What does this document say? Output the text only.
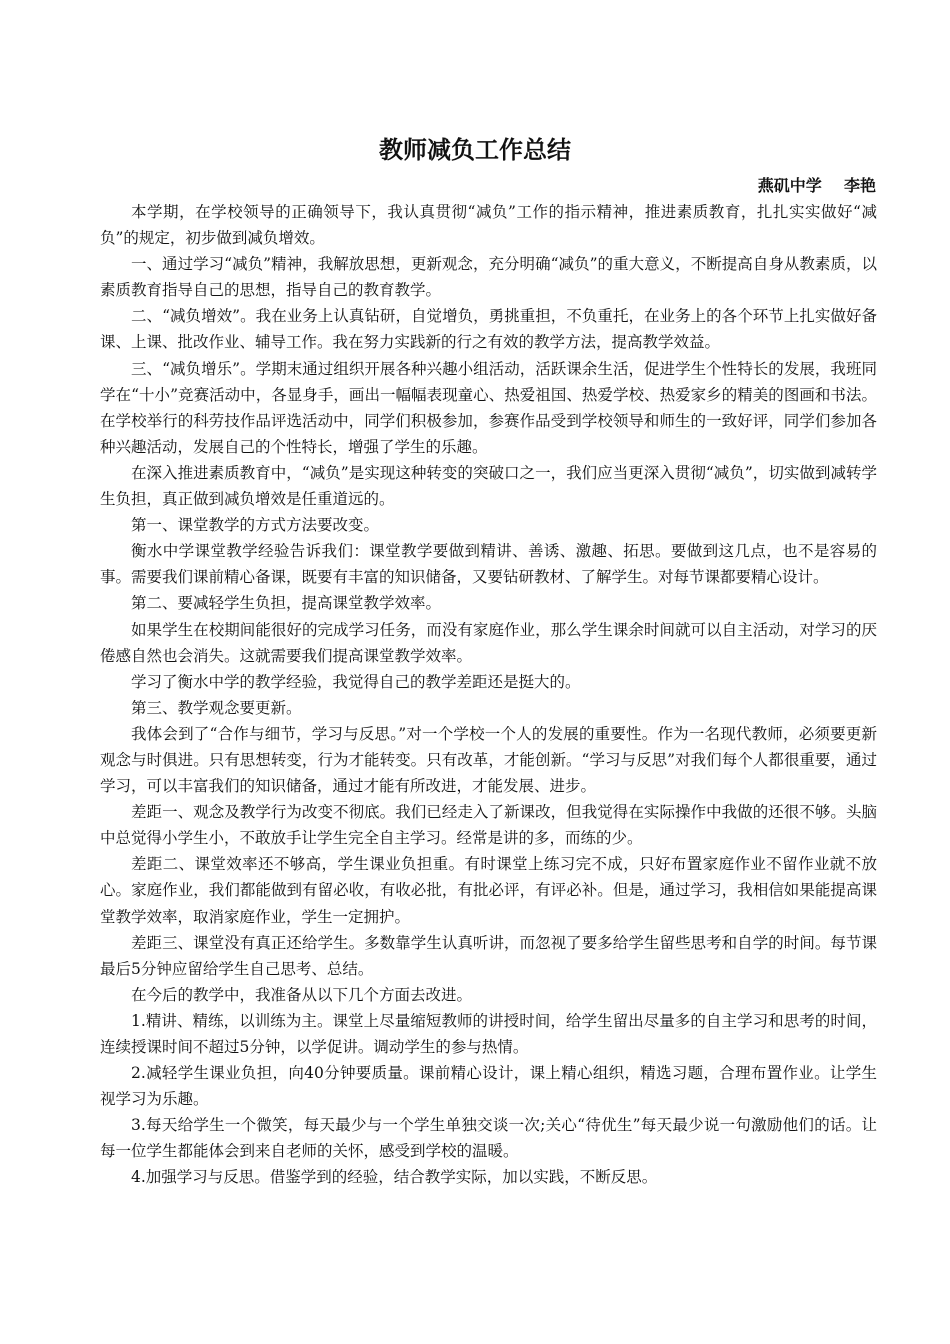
教师减负工作总结
燕矶中学    李艳

本学期，在学校领导的正确领导下，我认真贯彻“减负”工作的指示精神，推进素质教育，扎扎实实做好“减负”的规定，初步做到减负增效。

一、通过学习“减负”精神，我解放思想，更新观念，充分明确“减负”的重大意义，不断提高自身从教素质，以素质教育指导自己的思想，指导自己的教育教学。

二、“减负增效”。我在业务上认真钻研，自觉增负，勇挑重担，不负重托，在业务上的各个环节上扎实做好备课、上课、批改作业、辅导工作。我在努力实践新的行之有效的教学方法，提高教学效益。

三、“减负增乐”。学期末通过组织开展各种兴趣小组活动，活跃课余生活，促进学生个性特长的发展，我班同学在“十小”竞赛活动中，各显身手，画出一幅幅表现童心、热爱祖国、热爱学校、热爱家乡的精美的图画和书法。在学校举行的科劳技作品评选活动中，同学们积极参加，参赛作品受到学校领导和师生的一致好评，同学们参加各种兴趣活动，发展自己的个性特长，增强了学生的乐趣。

在深入推进素质教育中，“减负”是实现这种转变的突破口之一，我们应当更深入贯彻“减负”，切实做到减转学生负担，真正做到减负增效是任重道远的。

第一、课堂教学的方式方法要改变。

衡水中学课堂教学经验告诉我们：课堂教学要做到精讲、善诱、激趣、拓思。要做到这几点，也不是容易的事。需要我们课前精心备课，既要有丰富的知识储备，又要钻研教材、了解学生。对每节课都要精心设计。

第二、要减轻学生负担，提高课堂教学效率。

如果学生在校期间能很好的完成学习任务，而没有家庭作业，那么学生课余时间就可以自主活动，对学习的厌倦感自然也会消失。这就需要我们提高课堂教学效率。

学习了衡水中学的教学经验，我觉得自己的教学差距还是挺大的。

第三、教学观念要更新。

我体会到了“合作与细节，学习与反思。”对一个学校一个人的发展的重要性。作为一名现代教师，必须要更新观念与时俱进。只有思想转变，行为才能转变。只有改革，才能创新。“学习与反思”对我们每个人都很重要，通过学习，可以丰富我们的知识储备，通过才能有所改进，才能发展、进步。

差距一、观念及教学行为改变不彻底。我们已经走入了新课改，但我觉得在实际操作中我做的还很不够。头脑中总觉得小学生小，不敢放手让学生完全自主学习。经常是讲的多，而练的少。

差距二、课堂效率还不够高，学生课业负担重。有时课堂上练习完不成，只好布置家庭作业不留作业就不放心。家庭作业，我们都能做到有留必收，有收必批，有批必评，有评必补。但是，通过学习，我相信如果能提高课堂教学效率，取消家庭作业，学生一定拥护。

差距三、课堂没有真正还给学生。多数靠学生认真听讲，而忽视了要多给学生留些思考和自学的时间。每节课最后5分钟应留给学生自己思考、总结。

在今后的教学中，我准备从以下几个方面去改进。

1.精讲、精练，以训练为主。课堂上尽量缩短教师的讲授时间，给学生留出尽量多的自主学习和思考的时间，连续授课时间不超过5分钟，以学促讲。调动学生的参与热情。

2.减轻学生课业负担，向40分钟要质量。课前精心设计，课上精心组织，精选习题，合理布置作业。让学生视学习为乐趣。

3.每天给学生一个微笑，每天最少与一个学生单独交谈一次;关心“待优生”每天最少说一句激励他们的话。让每一位学生都能体会到来自老师的关怀，感受到学校的温暖。

4.加强学习与反思。借鉴学到的经验，结合教学实际，加以实践，不断反思。
